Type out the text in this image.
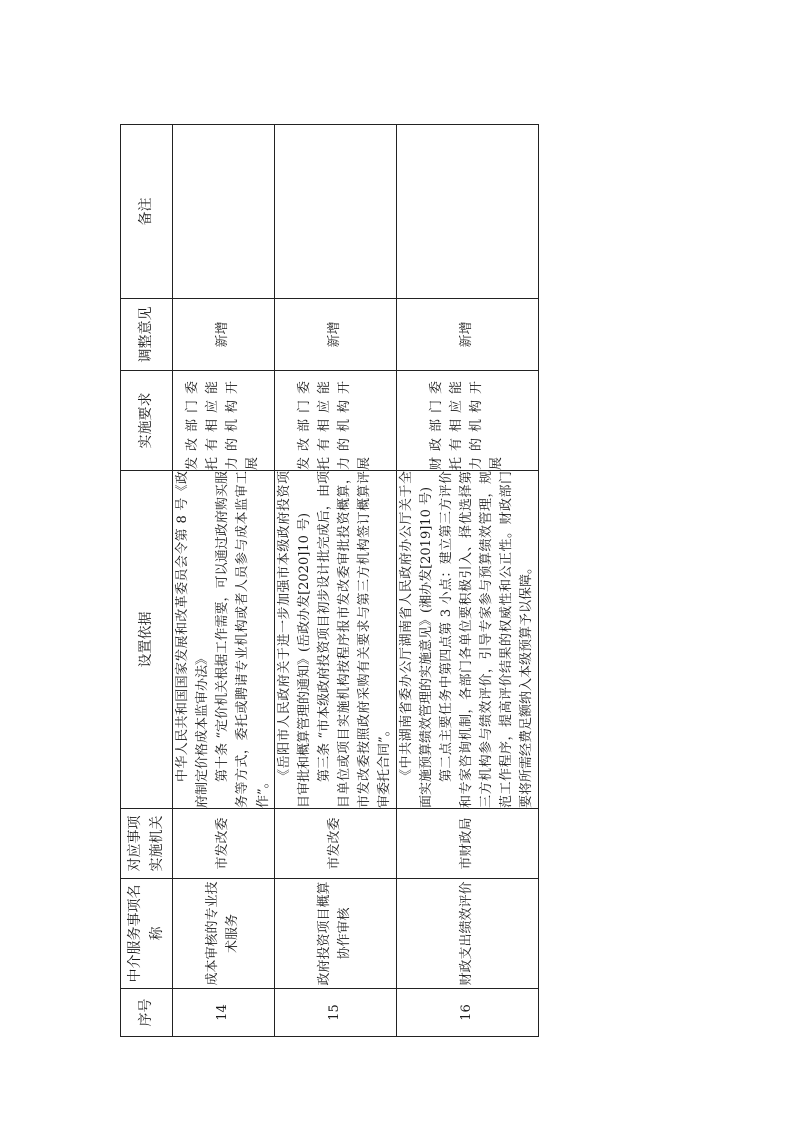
序号	中介服务事项名称	对应事项实施机关	设置依据	实施要求	调整意见	备注
14	成本审核的专业技术服务	市发改委	中华人民共和国国家发展和改革委员会令第 8 号《政府制定价格成本监审办法》 第十条 “定价机关根据工作需要，可以通过政府购买服务等方式，委托或聘请专业机构或者人员参与成本监审工作”。	发改部门委托有相应能力的机构开展	新增	
15	政府投资项目概算协作审核	市发改委	《岳阳市人民政府关于进一步加强市本级政府投资项目审批和概算管理的通知》(岳政办发[2020]10 号) 第三条 “市本级政府投资项目初步设计批完成后，由项目单位或项目实施机构按程序报市发改委审批投资概算，市发改委按照政府采购有关要求与第三方机构签订概算评审委托合同”。	发改部门委托有相应能力的机构开展	新增	
16	财政支出绩效评价	市财政局	《中共湖南省委办公厅湖南省人民政府办公厅关于全面实施预算绩效管理的实施意见》(湘办发[2019]10 号) 第二点主要任务中第四点第 3 小点：建立第三方评价和专家咨询机制，各部门各单位要积极引入、择优选择第三方机构参与绩效评价，引导专家参与预算绩效管理，规范工作程序，提高评价结果的权威性和公正性。财政部门要将所需经费足额纳入本级预算予以保障。	财政部门委托有相应能力的机构开展	新增	
